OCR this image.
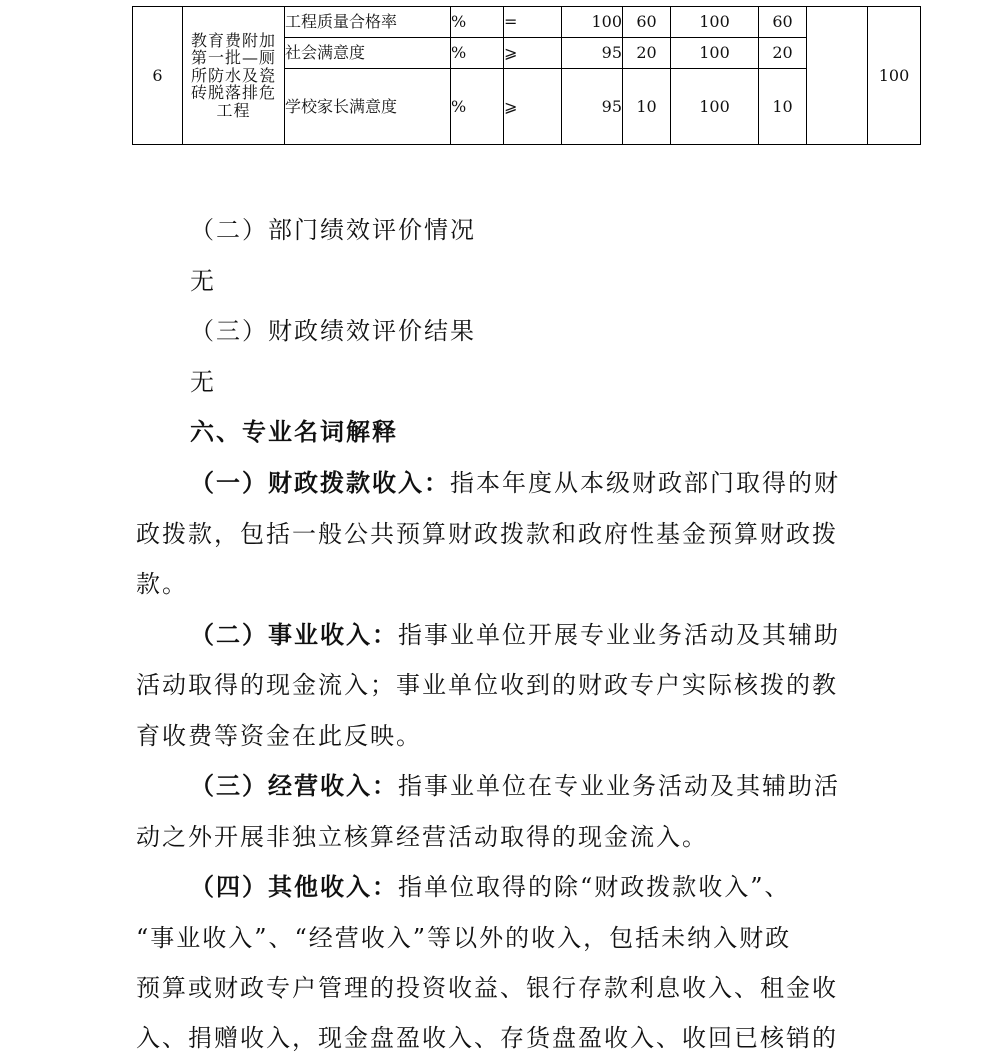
6	教育费附加第一批—厕所防水及瓷砖脱落排危工程	工程质量合格率	%	=	100	60	100	60		100
		社会满意度	%	⩾	95	20	100	20		
		学校家长满意度	%	⩾	95	10	100	10		
（二）部门绩效评价情况
无
（三）财政绩效评价结果
无
六、专业名词解释
（一）财政拨款收入：指本年度从本级财政部门取得的财
政拨款，包括一般公共预算财政拨款和政府性基金预算财政拨
款。
（二）事业收入：指事业单位开展专业业务活动及其辅助
活动取得的现金流入；事业单位收到的财政专户实际核拨的教
育收费等资金在此反映。
（三）经营收入：指事业单位在专业业务活动及其辅助活
动之外开展非独立核算经营活动取得的现金流入。
（四）其他收入：指单位取得的除“财政拨款收入”、
“事业收入”、“经营收入”等以外的收入，包括未纳入财政
预算或财政专户管理的投资收益、银行存款利息收入、租金收
入、捐赠收入，现金盘盈收入、存货盘盈收入、收回已核销的
